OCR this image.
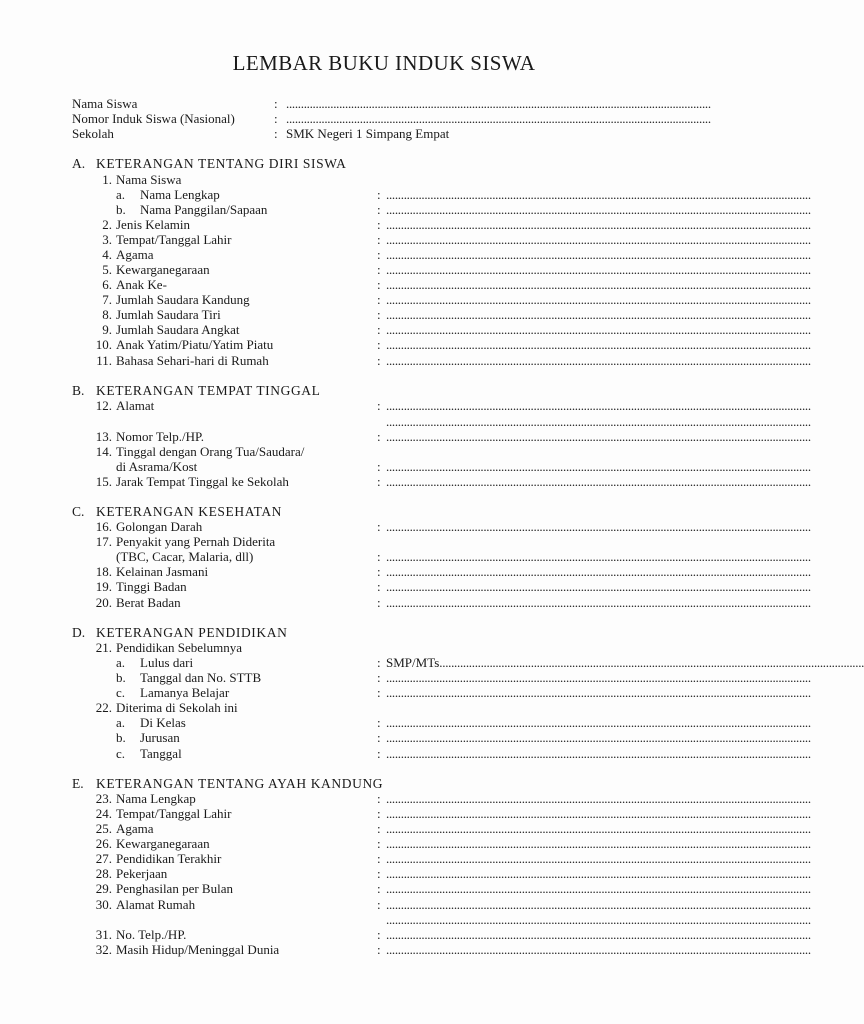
LEMBAR BUKU INDUK SISWA
Nama Siswa	: ................................................................................................................................................
Nomor Induk Siswa (Nasional)	: ................................................................................................................................................
Sekolah	: SMK Negeri 1 Simpang Empat
A. KETERANGAN TENTANG DIRI SISWA
1. Nama Siswa
a.	Nama Lengkap	: ................................................................................................................................................
b.	Nama Panggilan/Sapaan	: ................................................................................................................................................
2. Jenis Kelamin	: ................................................................................................................................................
3. Tempat/Tanggal Lahir	: ................................................................................................................................................
4. Agama	: ................................................................................................................................................
5. Kewarganegaraan	: ................................................................................................................................................
6. Anak Ke-	: ................................................................................................................................................
7. Jumlah Saudara Kandung	: ................................................................................................................................................
8. Jumlah Saudara Tiri	: ................................................................................................................................................
9. Jumlah Saudara Angkat	: ................................................................................................................................................
10. Anak Yatim/Piatu/Yatim Piatu	: ................................................................................................................................................
11. Bahasa Sehari-hari di Rumah	: ................................................................................................................................................
B. KETERANGAN TEMPAT TINGGAL
12. Alamat	: ................................................................................................................................................
................................................................................................................................................
13. Nomor Telp./HP.	: ................................................................................................................................................
14. Tinggal dengan Orang Tua/Saudara/
di Asrama/Kost	: ................................................................................................................................................
15. Jarak Tempat Tinggal ke Sekolah	: ................................................................................................................................................
C. KETERANGAN KESEHATAN
16. Golongan Darah	: ................................................................................................................................................
17. Penyakit yang Pernah Diderita
(TBC, Cacar, Malaria, dll)	: ................................................................................................................................................
18. Kelainan Jasmani	: ................................................................................................................................................
19. Tinggi Badan	: ................................................................................................................................................
20. Berat Badan	: ................................................................................................................................................
D. KETERANGAN PENDIDIKAN
21. Pendidikan Sebelumnya
a.	Lulus dari	: SMP/MTs................................................................................................................................................
b.	Tanggal dan No. STTB	: ................................................................................................................................................
c.	Lamanya Belajar	: ................................................................................................................................................
22. Diterima di Sekolah ini
a.	Di Kelas	: ................................................................................................................................................
b.	Jurusan	: ................................................................................................................................................
c.	Tanggal	: ................................................................................................................................................
E. KETERANGAN TENTANG AYAH KANDUNG
23. Nama Lengkap	: ................................................................................................................................................
24. Tempat/Tanggal Lahir	: ................................................................................................................................................
25. Agama	: ................................................................................................................................................
26. Kewarganegaraan	: ................................................................................................................................................
27. Pendidikan Terakhir	: ................................................................................................................................................
28. Pekerjaan	: ................................................................................................................................................
29. Penghasilan per Bulan	: ................................................................................................................................................
30. Alamat Rumah	: ................................................................................................................................................
................................................................................................................................................
31. No. Telp./HP.	: ................................................................................................................................................
32. Masih Hidup/Meninggal Dunia	: ................................................................................................................................................
